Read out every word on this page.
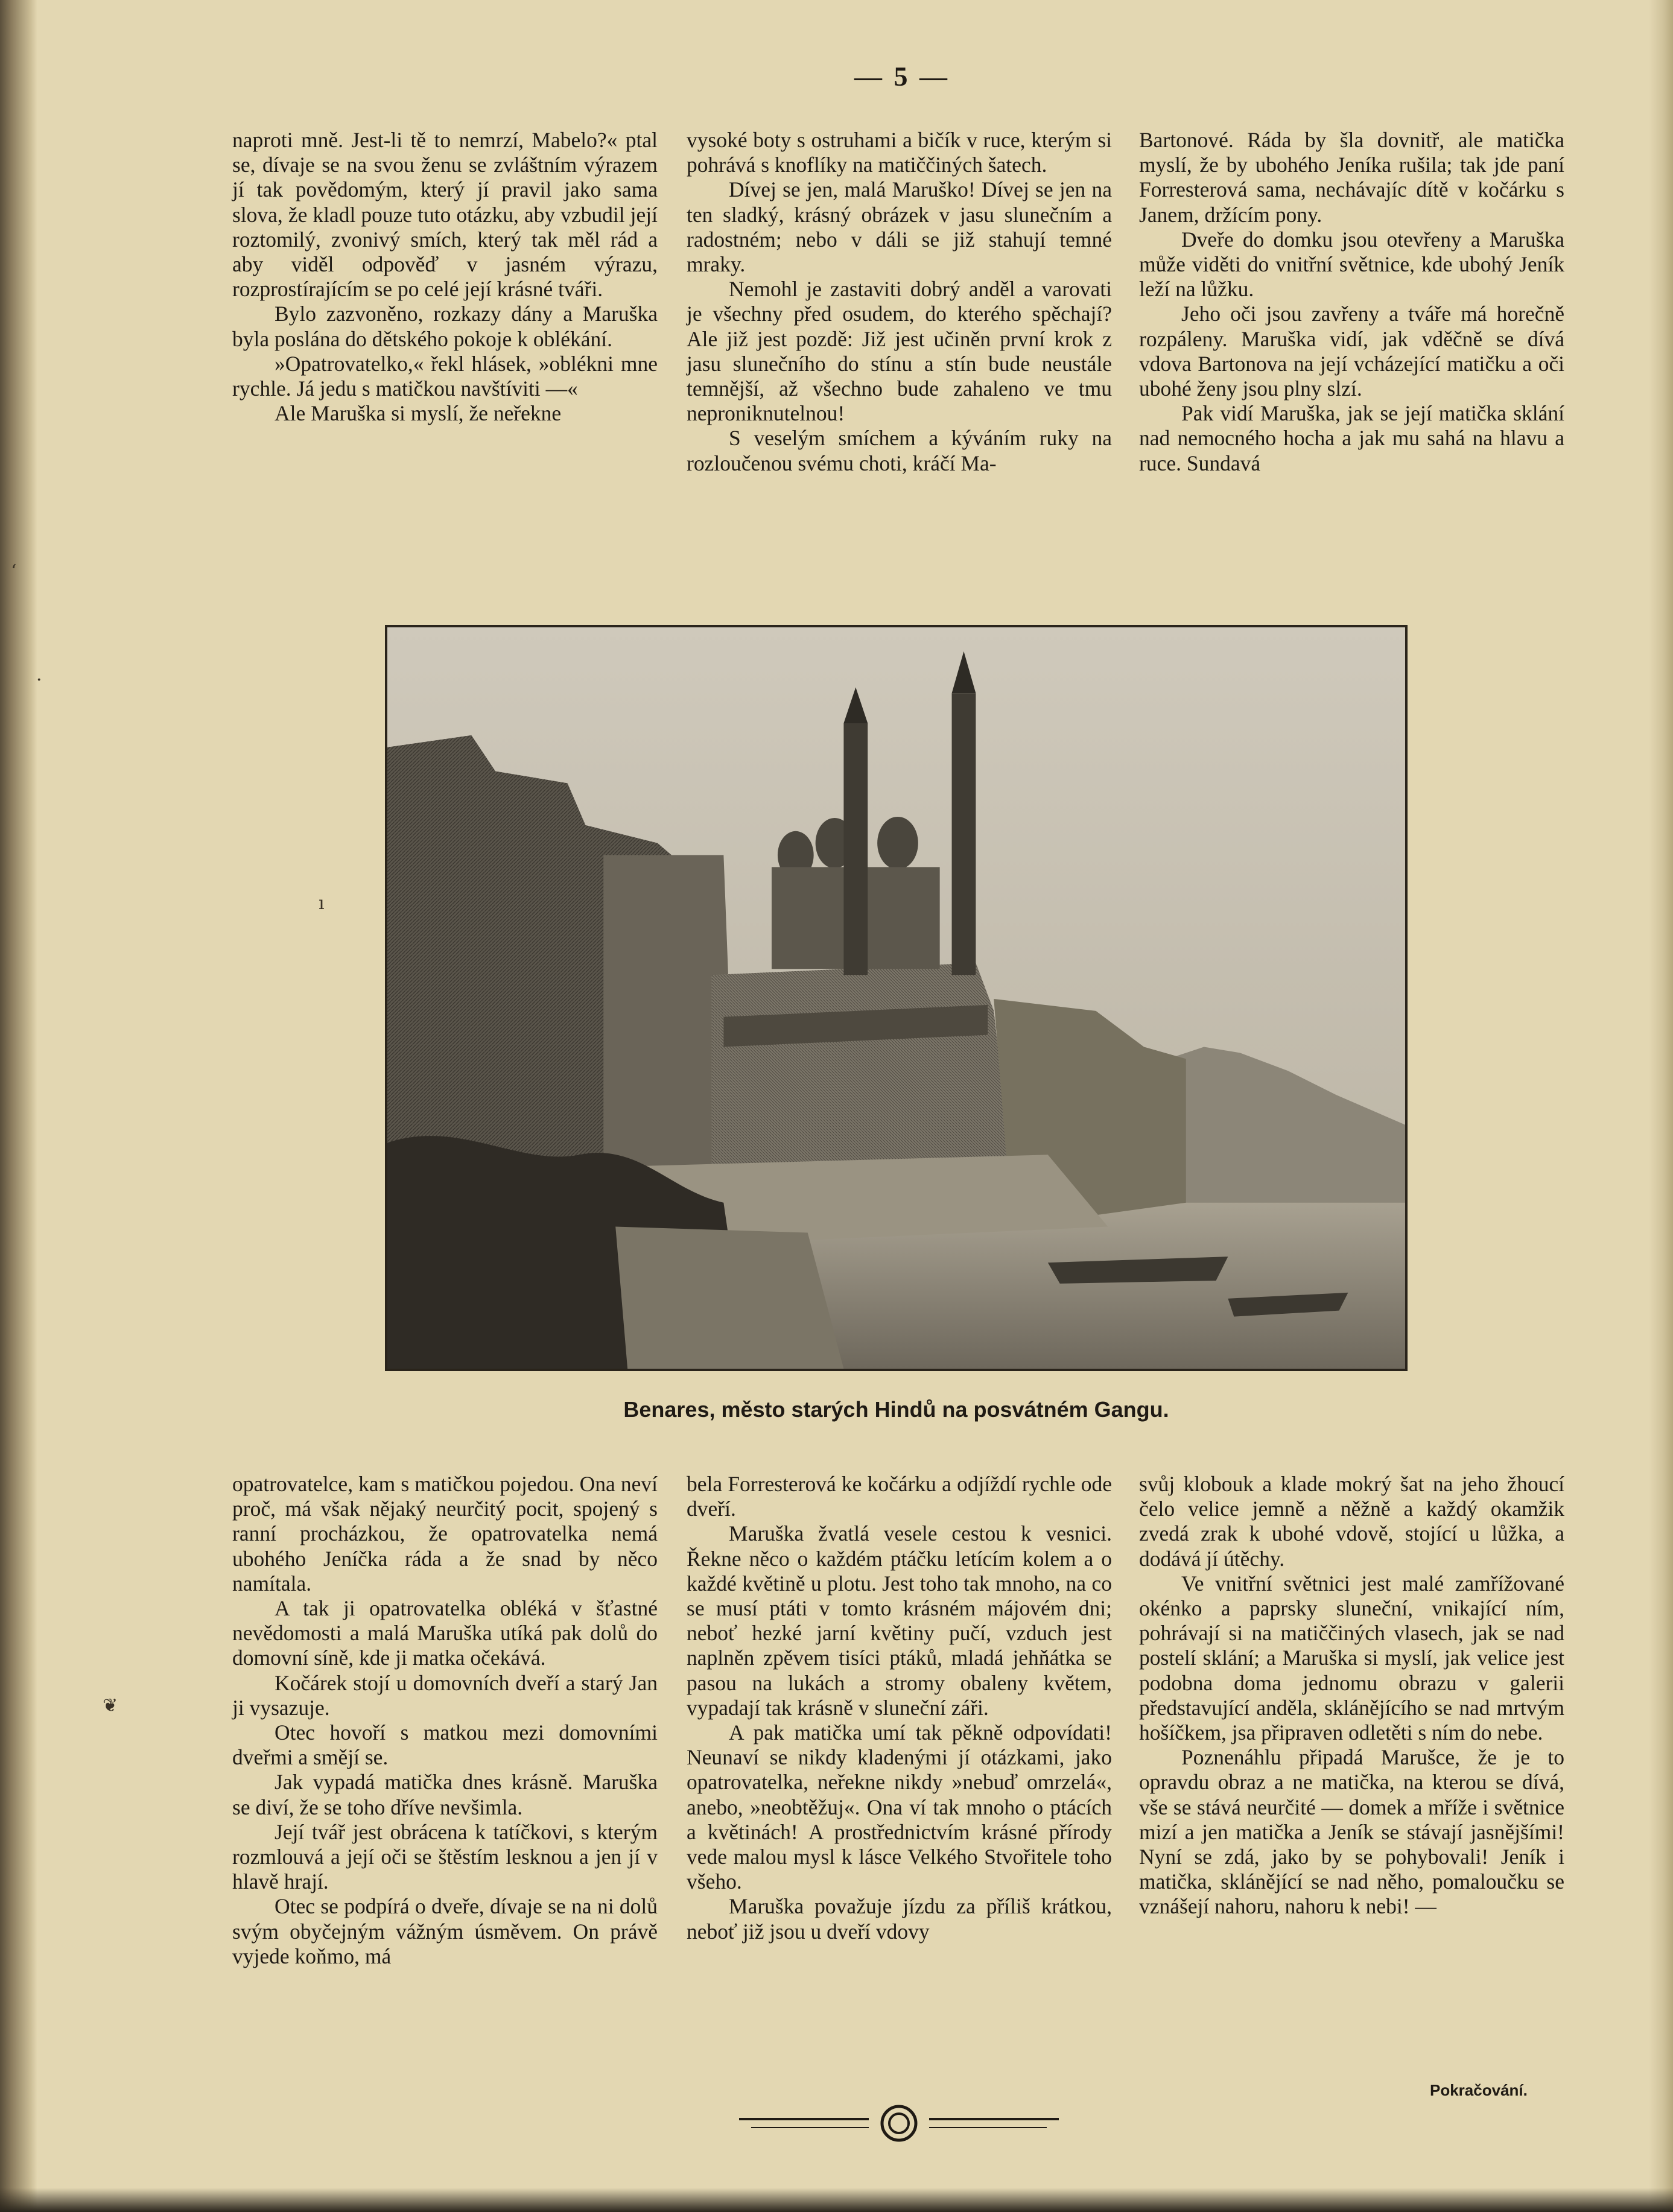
‘
·
ı
❦
— 5 —

naproti mně. Jest-li tě to nemrzí, Mabelo?« ptal se, dívaje se na svou ženu se zvláštním výrazem jí tak povědomým, který jí pravil jako sama slova, že kladl pouze tuto otázku, aby vzbudil její roztomilý, zvonivý smích, který tak měl rád a aby viděl odpověď v jasném výrazu, rozprostírajícím se po celé její krásné tváři.

Bylo zazvoněno, rozkazy dány a Maruška byla poslána do dětského pokoje k oblékání.

»Opatrovatelko,« řekl hlásek, »oblékni mne rychle. Já jedu s matičkou navštíviti —«

Ale Maruška si myslí, že neřekne

vysoké boty s ostruhami a bičík v ruce, kterým si pohrává s knoflíky na matiččiných šatech.

Dívej se jen, malá Maruško! Dívej se jen na ten sladký, krásný obrázek v jasu slunečním a radostném; nebo v dáli se již stahují temné mraky.

Nemohl je zastaviti dobrý anděl a varovati je všechny před osudem, do kterého spěchají? Ale již jest pozdě: Již jest učiněn první krok z jasu slunečního do stínu a stín bude neustále temnější, až všechno bude zahaleno ve tmu neproniknutelnou!

S veselým smíchem a kýváním ruky na rozloučenou svému choti, kráčí Ma-

Bartonové. Ráda by šla dovnitř, ale matička myslí, že by ubohého Jeníka rušila; tak jde paní Forresterová sama, nechávajíc dítě v kočárku s Janem, držícím pony.

Dveře do domku jsou otevřeny a Maruška může viděti do vnitřní světnice, kde ubohý Jeník leží na lůžku.

Jeho oči jsou zavřeny a tváře má horečně rozpáleny. Maruška vidí, jak vděčně se dívá vdova Bartonova na její vcházející matičku a oči ubohé ženy jsou plny slzí.

Pak vidí Maruška, jak se její matička sklání nad nemocného hocha a jak mu sahá na hlavu a ruce. Sundavá

Benares, město starých Hindů na posvátném Gangu.

opatrovatelce, kam s matičkou pojedou. Ona neví proč, má však nějaký neurčitý pocit, spojený s ranní procházkou, že opatrovatelka nemá ubohého Jeníčka ráda a že snad by něco namítala.

A tak ji opatrovatelka obléká v šťastné nevědomosti a malá Maruška utíká pak dolů do domovní síně, kde ji matka očekává.

Kočárek stojí u domovních dveří a starý Jan ji vysazuje.

Otec hovoří s matkou mezi domovními dveřmi a smějí se.

Jak vypadá matička dnes krásně. Maruška se diví, že se toho dříve nevšimla.

Její tvář jest obrácena k tatíčkovi, s kterým rozmlouvá a její oči se štěstím lesknou a jen jí v hlavě hrají.

Otec se podpírá o dveře, dívaje se na ni dolů svým obyčejným vážným úsměvem. On právě vyjede koňmo, má

bela Forresterová ke kočárku a odjíždí rychle ode dveří.

Maruška žvatlá vesele cestou k vesnici. Řekne něco o každém ptáčku letícím kolem a o každé květině u plotu. Jest toho tak mnoho, na co se musí ptáti v tomto krásném májovém dni; neboť hezké jarní květiny pučí, vzduch jest naplněn zpěvem tisíci ptáků, mladá jehňátka se pasou na lukách a stromy obaleny květem, vypadají tak krásně v sluneční záři.

A pak matička umí tak pěkně odpovídati! Neunaví se nikdy kladenými jí otázkami, jako opatrovatelka, neřekne nikdy »nebuď omrzelá«, anebo, »neobtěžuj«. Ona ví tak mnoho o ptácích a květinách! A prostřednictvím krásné přírody vede malou mysl k lásce Velkého Stvořitele toho všeho.

Maruška považuje jízdu za příliš krátkou, neboť již jsou u dveří vdovy

svůj klobouk a klade mokrý šat na jeho žhoucí čelo velice jemně a něžně a každý okamžik zvedá zrak k ubohé vdově, stojící u lůžka, a dodává jí útěchy.

Ve vnitřní světnici jest malé zamřížované okénko a paprsky sluneční, vnikající ním, pohrávají si na matiččiných vlasech, jak se nad postelí sklání; a Maruška si myslí, jak velice jest podobna doma jednomu obrazu v galerii představující anděla, sklánějícího se nad mrtvým hošíčkem, jsa připraven odletěti s ním do nebe.

Poznenáhlu připadá Marušce, že je to opravdu obraz a ne matička, na kterou se dívá, vše se stává neurčité — domek a mříže i světnice mizí a jen matička a Jeník se stávají jasnějšími! Nyní se zdá, jako by se pohybovali! Jeník i matička, sklánějící se nad něho, pomaloučku se vznášejí nahoru, nahoru k nebi! —

Pokračování.
